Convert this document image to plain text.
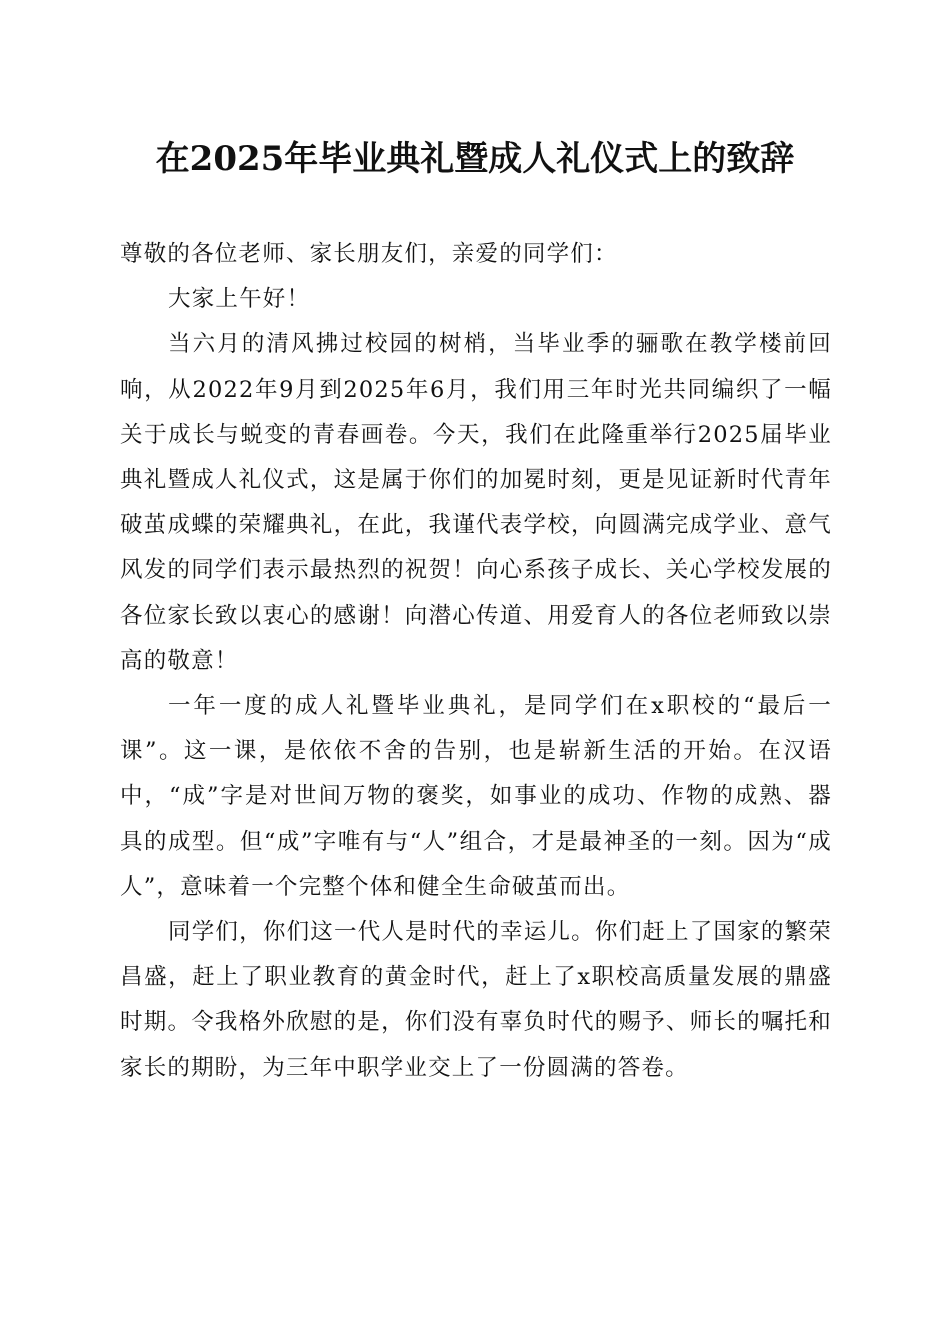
在2025年毕业典礼暨成人礼仪式上的致辞

尊敬的各位老师、家长朋友们，亲爱的同学们：

大家上午好！

当六月的清风拂过校园的树梢，当毕业季的骊歌在教学楼前回响，从2022年9月到2025年6月，我们用三年时光共同编织了一幅关于成长与蜕变的青春画卷。今天，我们在此隆重举行2025届毕业典礼暨成人礼仪式，这是属于你们的加冕时刻，更是见证新时代青年破茧成蝶的荣耀典礼，在此，我谨代表学校，向圆满完成学业、意气风发的同学们表示最热烈的祝贺！向心系孩子成长、关心学校发展的各位家长致以衷心的感谢！向潜心传道、用爱育人的各位老师致以崇高的敬意！

一年一度的成人礼暨毕业典礼，是同学们在x职校的“最后一课”。这一课，是依依不舍的告别，也是崭新生活的开始。在汉语中，“成”字是对世间万物的褒奖，如事业的成功、作物的成熟、器具的成型。但“成”字唯有与“人”组合，才是最神圣的一刻。因为“成人”，意味着一个完整个体和健全生命破茧而出。

同学们，你们这一代人是时代的幸运儿。你们赶上了国家的繁荣昌盛，赶上了职业教育的黄金时代，赶上了x职校高质量发展的鼎盛时期。令我格外欣慰的是，你们没有辜负时代的赐予、师长的嘱托和家长的期盼，为三年中职学业交上了一份圆满的答卷。
